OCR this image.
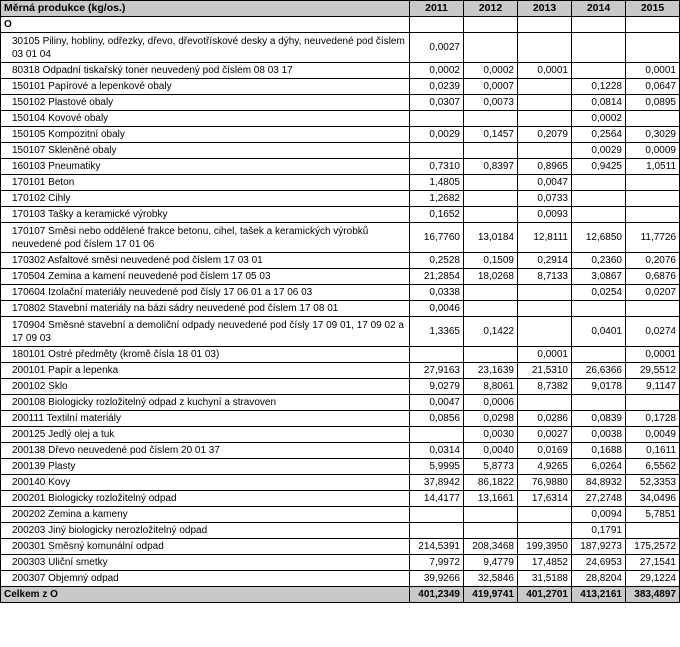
Měrná produkce (kg/os.)	2011	2012	2013	2014	2015
O					
30105 Piliny, hobliny, odřezky, dřevo, dřevotřískové desky a dýhy, neuvedené pod číslem 03 01 04	0,0027				
80318 Odpadní tiskařský toner neuvedený pod číslem 08 03 17	0,0002	0,0002	0,0001		0,0001
150101 Papírové a lepenkové obaly	0,0239	0,0007		0,1228	0,0647
150102 Plastové obaly	0,0307	0,0073		0,0814	0,0895
150104 Kovové obaly				0,0002	
150105 Kompozitní obaly	0,0029	0,1457	0,2079	0,2564	0,3029
150107 Skleněné obaly				0,0029	0,0009
160103 Pneumatiky	0,7310	0,8397	0,8965	0,9425	1,0511
170101 Beton	1,4805		0,0047		
170102 Cihly	1,2682		0,0733		
170103 Tašky a keramické výrobky	0,1652		0,0093		
170107 Směsi nebo oddělené frakce betonu, cihel, tašek a keramických výrobků neuvedené pod číslem 17 01 06	16,7760	13,0184	12,8111	12,6850	11,7726
170302 Asfaltové směsi neuvedené pod číslem 17 03 01	0,2528	0,1509	0,2914	0,2360	0,2076
170504 Zemina a kamení neuvedené pod číslem 17 05 03	21,2854	18,0268	8,7133	3,0867	0,6876
170604 Izolační materiály neuvedené pod čísly 17 06 01 a 17 06 03	0,0338			0,0254	0,0207
170802 Stavební materiály na bázi sádry neuvedené pod číslem 17 08 01	0,0046				
170904 Směsné stavební a demoliční odpady neuvedené pod čísly 17 09 01, 17 09 02 a 17 09 03	1,3365	0,1422		0,0401	0,0274
180101 Ostré předměty (kromě čísla 18 01 03)			0,0001		0,0001
200101 Papír a lepenka	27,9163	23,1639	21,5310	26,6366	29,5512
200102 Sklo	9,0279	8,8061	8,7382	9,0178	9,1147
200108 Biologicky rozložitelný odpad z kuchyní a stravoven	0,0047	0,0006			
200111 Textilní materiály	0,0856	0,0298	0,0286	0,0839	0,1728
200125 Jedlý olej a tuk		0,0030	0,0027	0,0038	0,0049
200138 Dřevo neuvedené pod číslem 20 01 37	0,0314	0,0040	0,0169	0,1688	0,1611
200139 Plasty	5,9995	5,8773	4,9265	6,0264	6,5562
200140 Kovy	37,8942	86,1822	76,9880	84,8932	52,3353
200201 Biologicky rozložitelný odpad	14,4177	13,1661	17,6314	27,2748	34,0496
200202 Zemina a kameny				0,0094	5,7851
200203 Jiný biologicky nerozložitelný odpad				0,1791	
200301 Směsný komunální odpad	214,5391	208,3468	199,3950	187,9273	175,2572
200303 Uliční smetky	7,9972	9,4779	17,4852	24,6953	27,1541
200307 Objemný odpad	39,9266	32,5846	31,5188	28,8204	29,1224
Celkem z O	401,2349	419,9741	401,2701	413,2161	383,4897
